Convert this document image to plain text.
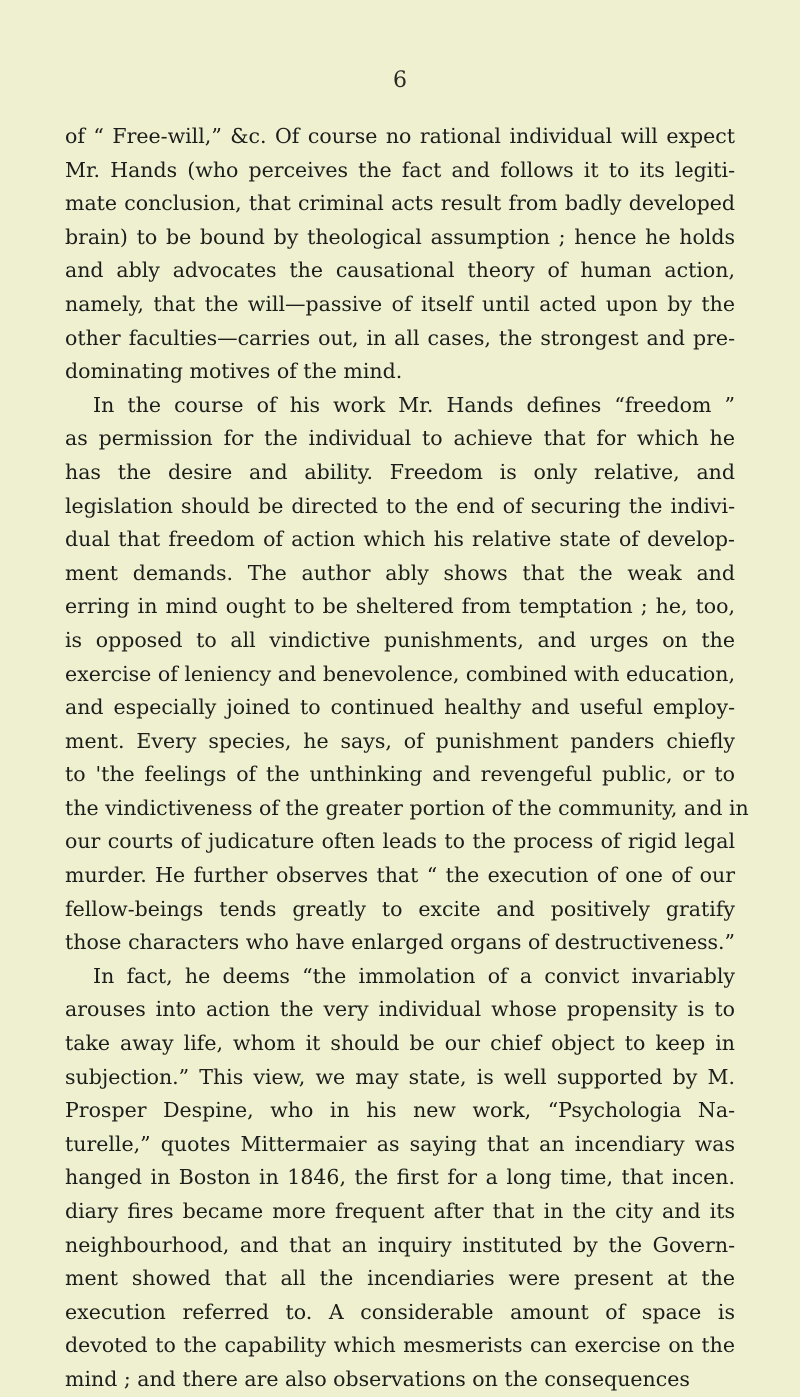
6
of “ Free-will,” &c. Of course no rational individual will expect
Mr. Hands (who perceives the fact and follows it to its legiti-
mate conclusion, that criminal acts result from badly developed
brain) to be bound by theological assumption ; hence he holds
and ably advocates the causational theory of human action,
namely, that the will—passive of itself until acted upon by the
other faculties—carries out, in all cases, the strongest and pre-
dominating motives of the mind.
In the course of his work Mr. Hands defines “freedom ”
as permission for the individual to achieve that for which he
has the desire and ability. Freedom is only relative, and
legislation should be directed to the end of securing the indivi-
dual that freedom of action which his relative state of develop-
ment demands. The author ably shows that the weak and
erring in mind ought to be sheltered from temptation ; he, too,
is opposed to all vindictive punishments, and urges on the
exercise of leniency and benevolence, combined with education,
and especially joined to continued healthy and useful employ-
ment. Every species, he says, of punishment panders chiefly
to 'the feelings of the unthinking and revengeful public, or to
the vindictiveness of the greater portion of the community, and in
our courts of judicature often leads to the process of rigid legal
murder. He further observes that “ the execution of one of our
fellow-beings tends greatly to excite and positively gratify
those characters who have enlarged organs of destructiveness.”
In fact, he deems “the immolation of a convict invariably
arouses into action the very individual whose propensity is to
take away life, whom it should be our chief object to keep in
subjection.” This view, we may state, is well supported by M.
Prosper Despine, who in his new work, “Psychologia Na-
turelle,” quotes Mittermaier as saying that an incendiary was
hanged in Boston in 1846, the first for a long time, that incen.
diary fires became more frequent after that in the city and its
neighbourhood, and that an inquiry instituted by the Govern-
ment showed that all the incendiaries were present at the
execution referred to. A considerable amount of space is
devoted to the capability which mesmerists can exercise on the
mind ; and there are also observations on the consequences
